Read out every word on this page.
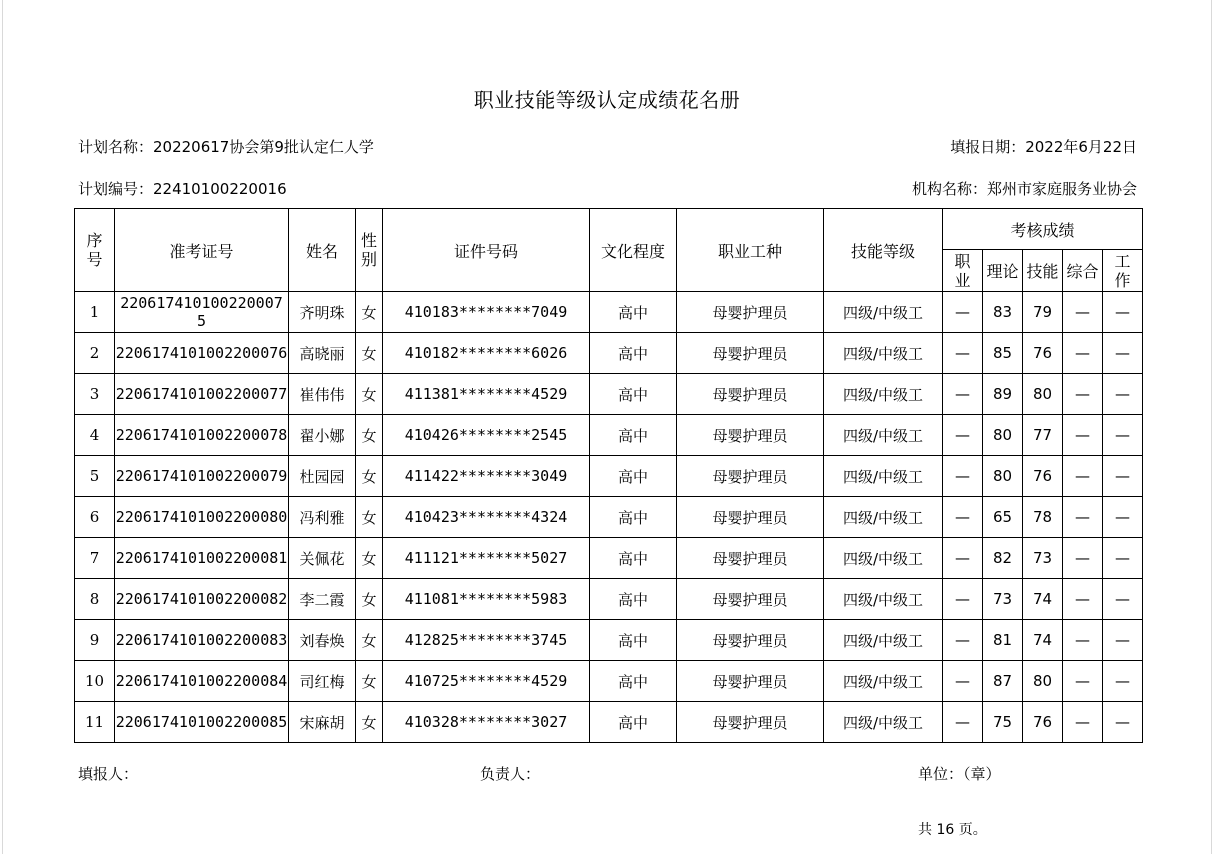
职业技能等级认定成绩花名册
计划名称：20220617协会第9批认定仁人学	填报日期：2022年6月22日
计划编号：22410100220016	机构名称：郑州市家庭服务业协会
序号	准考证号	姓名	性别	证件号码	文化程度	职业工种	技能等级	考核成绩				
								职业	理论	技能	综合	工作
1	220617410100220007 5	齐明珠	女	410183********7049	高中	母婴护理员	四级/中级工	—	83	79	—	—
2	2206174101002200076	高晓丽	女	410182********6026	高中	母婴护理员	四级/中级工	—	85	76	—	—
3	2206174101002200077	崔伟伟	女	411381********4529	高中	母婴护理员	四级/中级工	—	89	80	—	—
4	2206174101002200078	翟小娜	女	410426********2545	高中	母婴护理员	四级/中级工	—	80	77	—	—
5	2206174101002200079	杜园园	女	411422********3049	高中	母婴护理员	四级/中级工	—	80	76	—	—
6	2206174101002200080	冯利雅	女	410423********4324	高中	母婴护理员	四级/中级工	—	65	78	—	—
7	2206174101002200081	关佩花	女	411121********5027	高中	母婴护理员	四级/中级工	—	82	73	—	—
8	2206174101002200082	李二霞	女	411081********5983	高中	母婴护理员	四级/中级工	—	73	74	—	—
9	2206174101002200083	刘春焕	女	412825********3745	高中	母婴护理员	四级/中级工	—	81	74	—	—
10	2206174101002200084	司红梅	女	410725********4529	高中	母婴护理员	四级/中级工	—	87	80	—	—
11	2206174101002200085	宋麻胡	女	410328********3027	高中	母婴护理员	四级/中级工	—	75	76	—	—
填报人：	负责人：	单位：（章）
共 16 页。
